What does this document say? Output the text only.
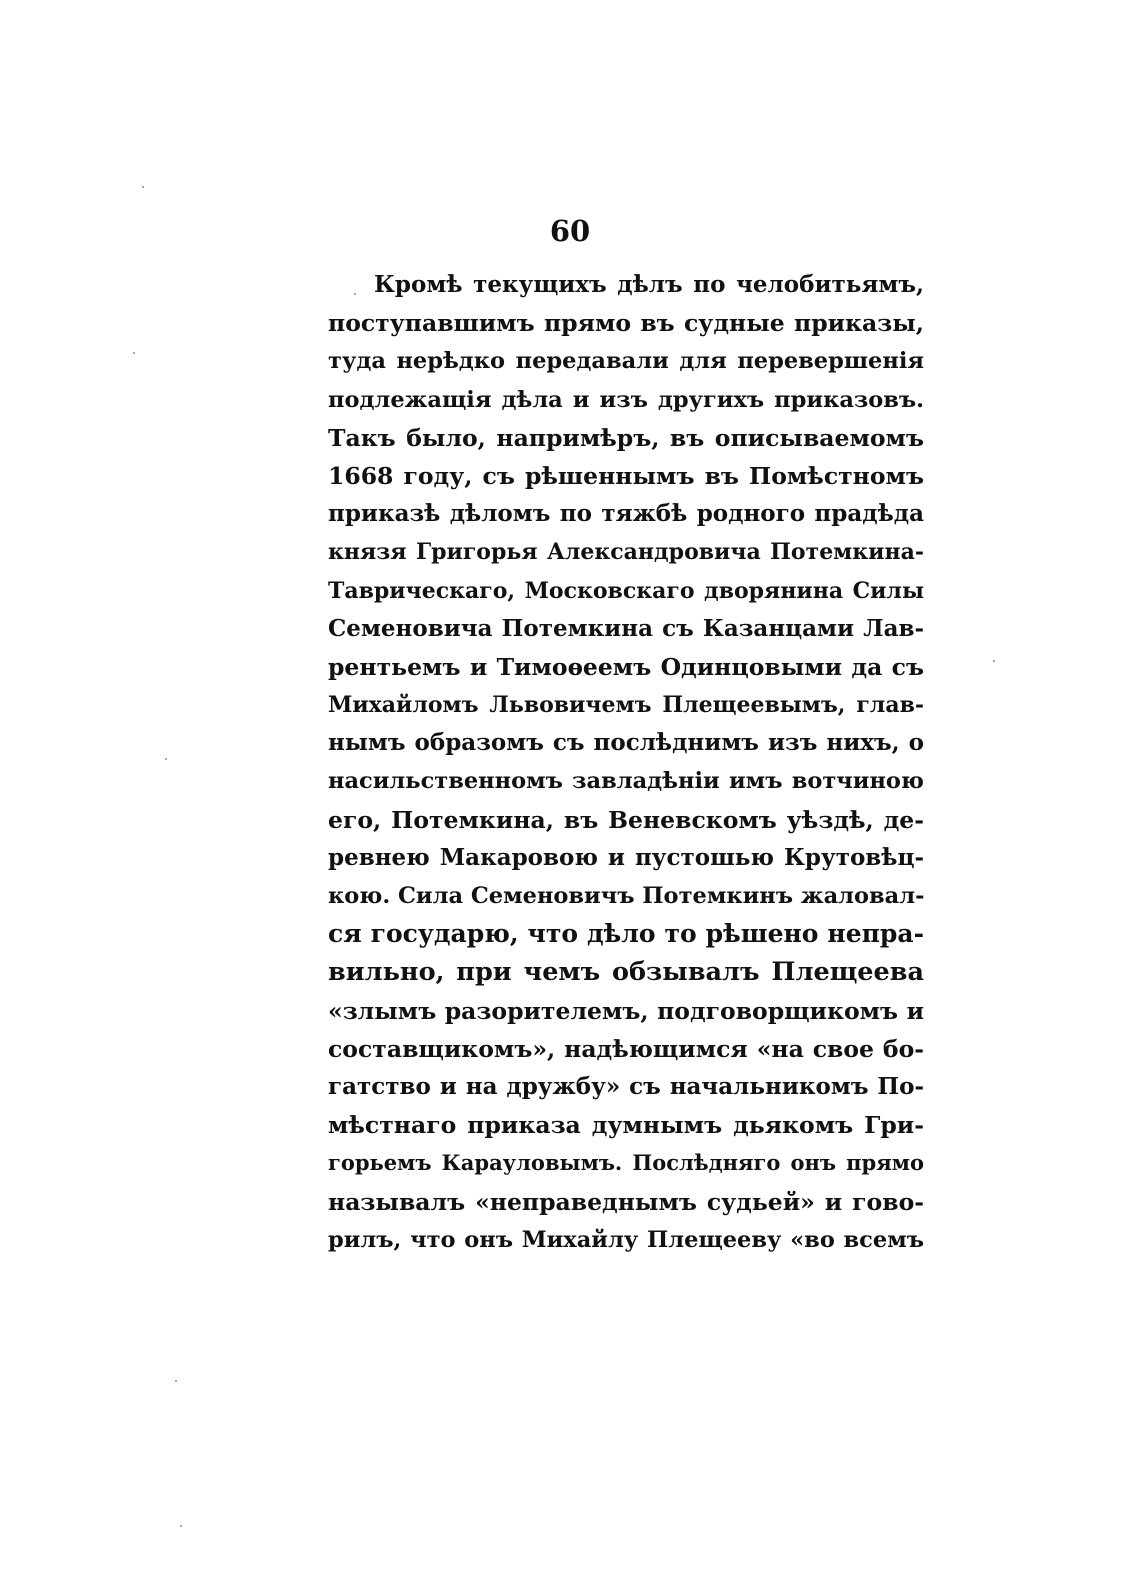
60
Кромѣ текущихъ дѣлъ по челобитьямъ,
поступавшимъ прямо въ судные приказы,
туда нерѣдко передавали для перевершенія
подлежащія дѣла и изъ другихъ приказовъ.
Такъ было, напримѣръ, въ описываемомъ
1668 году, съ рѣшеннымъ въ Помѣстномъ
приказѣ дѣломъ по тяжбѣ родного прадѣда
князя Григорья Александровича Потемкина-
Таврическаго, Московскаго дворянина Силы
Семеновича Потемкина съ Казанцами Лав-
рентьемъ и Тимоѳеемъ Одинцовыми да съ
Михайломъ Львовичемъ Плещеевымъ, глав-
нымъ образомъ съ послѣднимъ изъ нихъ, о
насильственномъ завладѣніи имъ вотчиною
его, Потемкина, въ Веневскомъ уѣздѣ, де-
ревнею Макаровою и пустошью Крутовѣц-
кою. Сила Семеновичъ Потемкинъ жаловал-
ся государю, что дѣло то рѣшено непра-
вильно, при чемъ обзывалъ Плещеева
«злымъ разорителемъ, подговорщикомъ и
составщикомъ», надѣющимся «на свое бо-
гатство и на дружбу» съ начальникомъ По-
мѣстнаго приказа думнымъ дьякомъ Гри-
горьемъ Карауловымъ. Послѣдняго онъ прямо
называлъ «неправеднымъ судьей» и гово-
рилъ, что онъ Михайлу Плещееву «во всемъ
